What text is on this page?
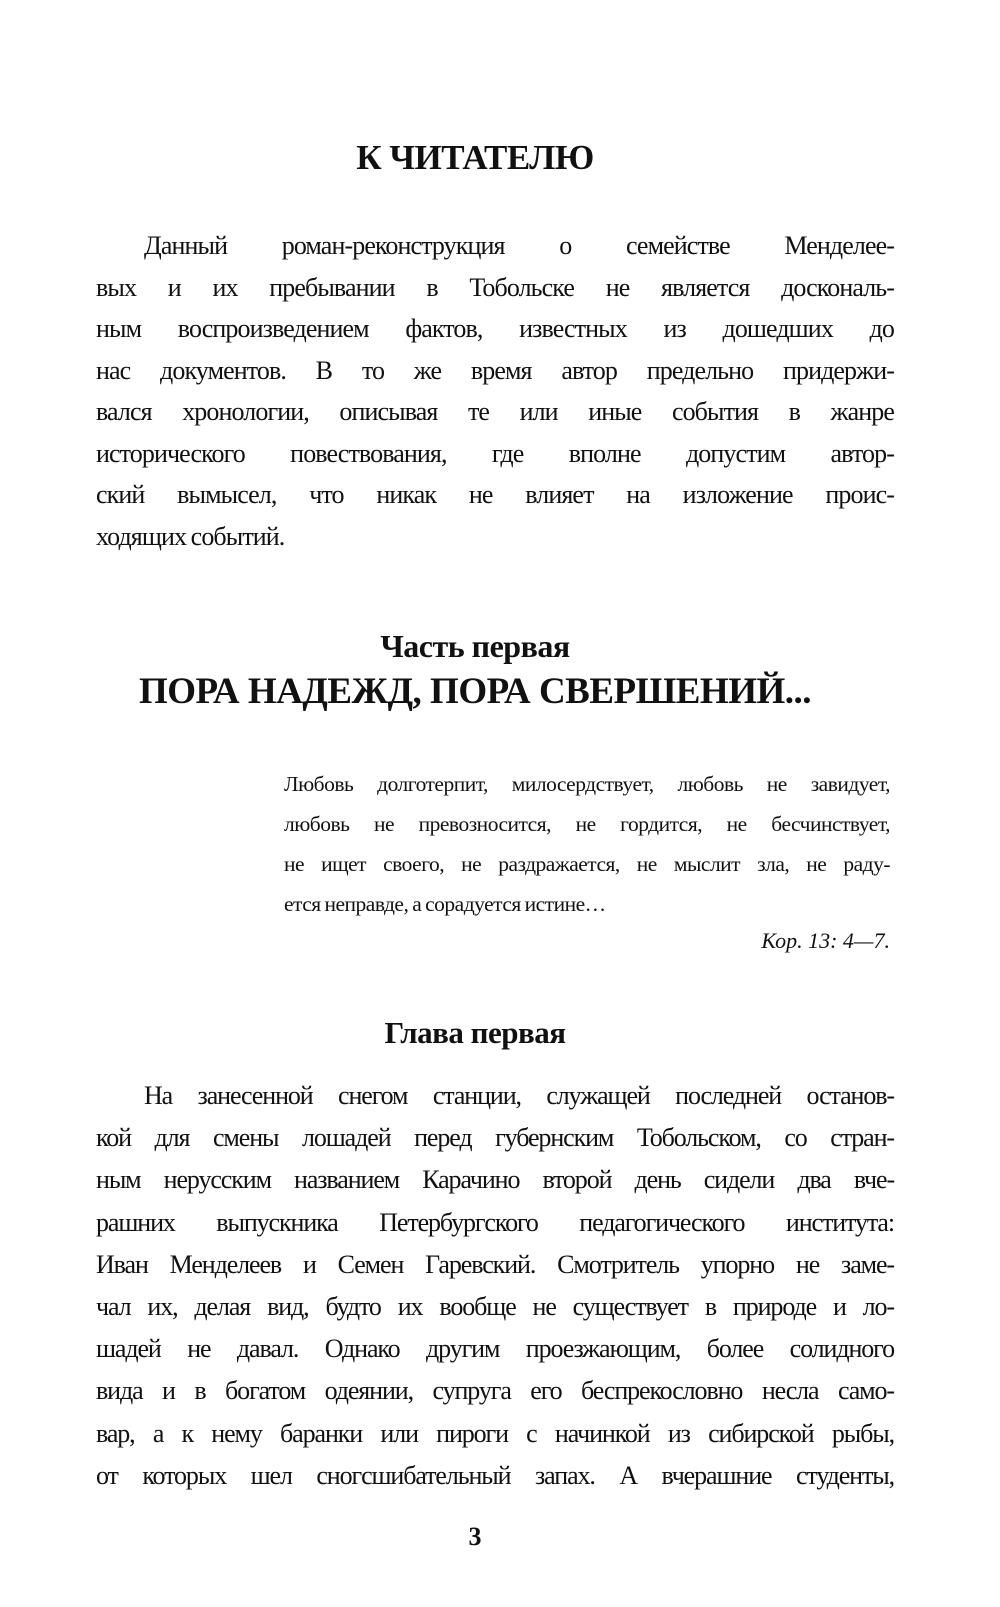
К ЧИТАТЕЛЮ
Данный роман-реконструкция о семействе Менделее-
вых и их пребывании в Тобольске не является доскональ-
ным воспроизведением фактов, известных из дошедших до
нас документов. В то же время автор предельно придержи-
вался хронологии, описывая те или иные события в жанре
исторического повествования, где вполне допустим автор-
ский вымысел, что никак не влияет на изложение проис-
ходящих событий.
Часть первая
ПОРА НАДЕЖД, ПОРА СВЕРШЕНИЙ...
Любовь долготерпит, милосердствует, любовь не завидует,
любовь не превозносится, не гордится, не бесчинствует,
не ищет своего, не раздражается, не мыслит зла, не раду-
ется неправде, а сорадуется истине…
Кор. 13: 4—7.
Глава первая
На занесенной снегом станции, служащей последней останов-
кой для смены лошадей перед губернским Тобольском, со стран-
ным нерусским названием Карачино второй день сидели два вче-
рашних выпускника Петербургского педагогического института:
Иван Менделеев и Семен Гаревский. Смотритель упорно не заме-
чал их, делая вид, будто их вообще не существует в природе и ло-
шадей не давал. Однако другим проезжающим, более солидного
вида и в богатом одеянии, супруга его беспрекословно несла само-
вар, а к нему баранки или пироги с начинкой из сибирской рыбы,
от которых шел сногсшибательный запах. А вчерашние студенты,
3
